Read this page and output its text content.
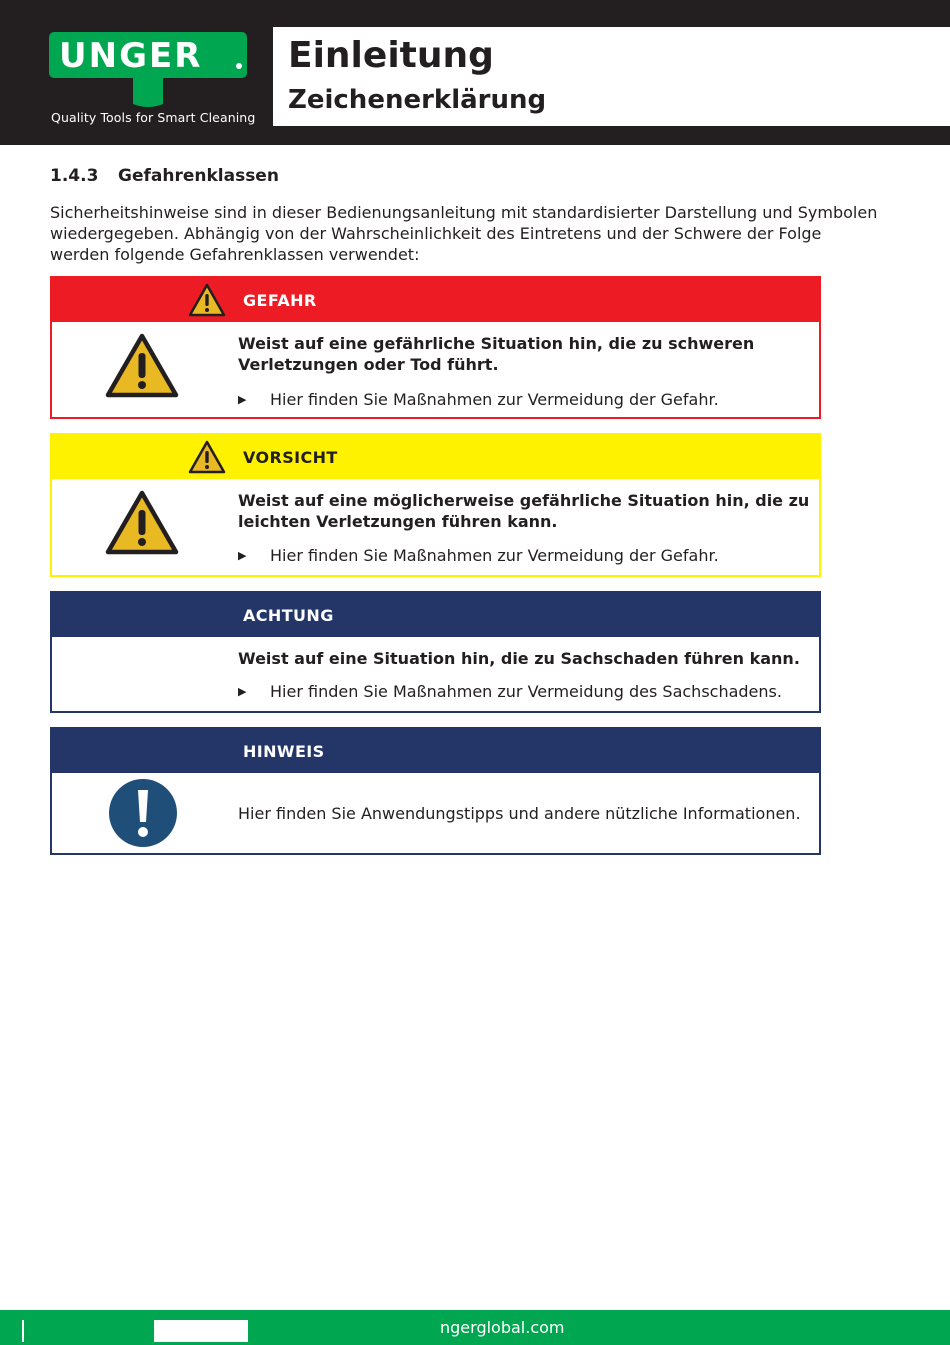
UNGER
Quality Tools for Smart Cleaning
Einleitung
Zeichenerklärung
1.4.3 Gefahrenklassen
Sicherheitshinweise sind in dieser Bedienungsanleitung mit standardisierter Darstellung und Symbolen wiedergegeben. Abhängig von der Wahrscheinlichkeit des Eintretens und der Schwere der Folge werden folgende Gefahrenklassen verwendet:
GEFAHR
Weist auf eine gefährliche Situation hin, die zu schweren Verletzungen oder Tod führt.
▶ Hier finden Sie Maßnahmen zur Vermeidung der Gefahr.
VORSICHT
Weist auf eine möglicherweise gefährliche Situation hin, die zu leichten Verletzungen führen kann.
▶ Hier finden Sie Maßnahmen zur Vermeidung der Gefahr.
ACHTUNG
Weist auf eine Situation hin, die zu Sachschaden führen kann.
▶ Hier finden Sie Maßnahmen zur Vermeidung des Sachschadens.
HINWEIS
Hier finden Sie Anwendungstipps und andere nützliche Informationen.
ngerglobal.com
